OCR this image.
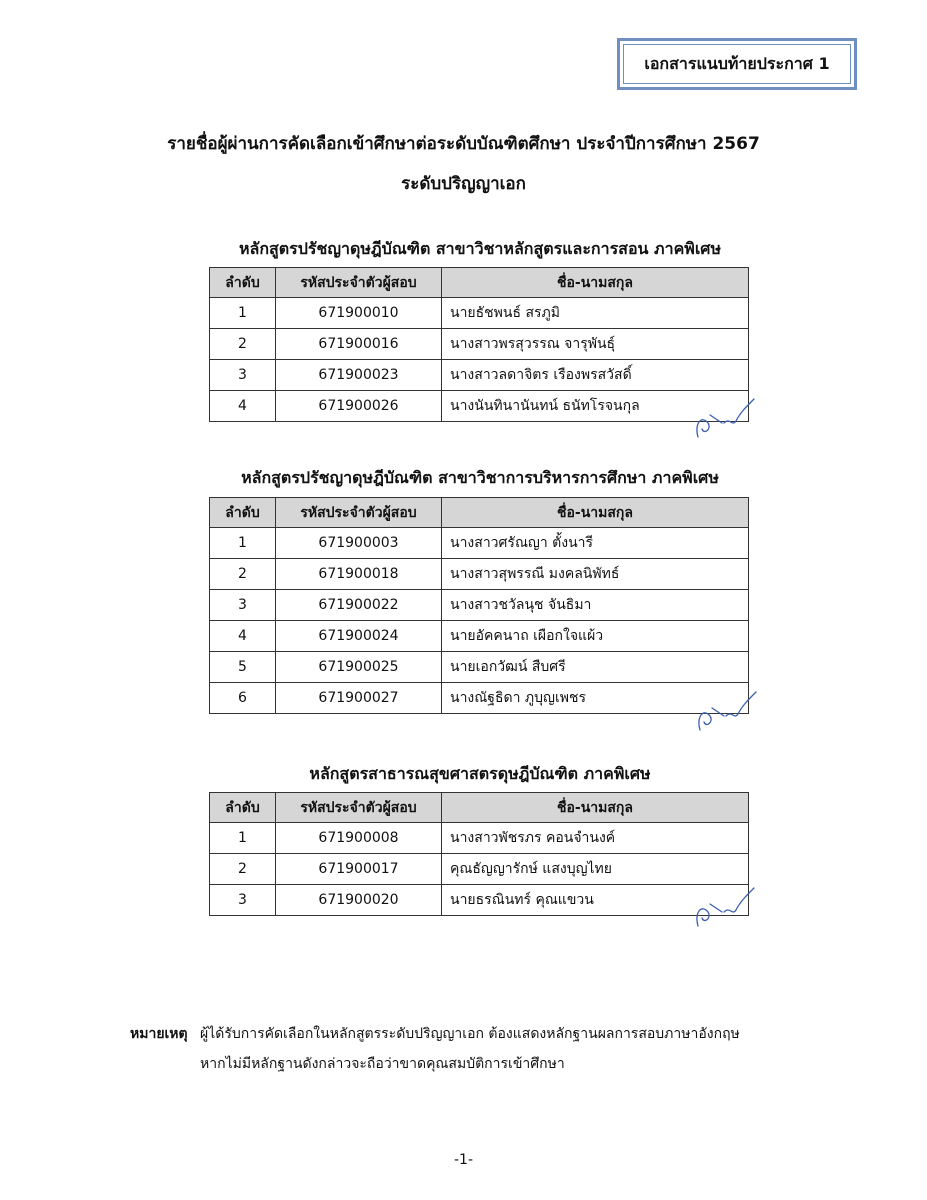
เอกสารแนบท้ายประกาศ 1
รายชื่อผู้ผ่านการคัดเลือกเข้าศึกษาต่อระดับบัณฑิตศึกษา ประจำปีการศึกษา 2567
ระดับปริญญาเอก
หลักสูตรปรัชญาดุษฎีบัณฑิต สาขาวิชาหลักสูตรและการสอน ภาคพิเศษ
ลำดับ	รหัสประจำตัวผู้สอบ	ชื่อ-นามสกุล
1	671900010	นายธัชพนธ์ สรภูมิ
2	671900016	นางสาวพรสุวรรณ จารุพันธุ์
3	671900023	นางสาวลดาจิตร เรืองพรสวัสดิ์
4	671900026	นางนันทินานันทน์ ธนัทโรจนกุล
หลักสูตรปรัชญาดุษฎีบัณฑิต สาขาวิชาการบริหารการศึกษา ภาคพิเศษ
ลำดับ	รหัสประจำตัวผู้สอบ	ชื่อ-นามสกุล
1	671900003	นางสาวศรัณญา ตั้งนารี
2	671900018	นางสาวสุพรรณี มงคลนิพัทธ์
3	671900022	นางสาวชวัลนุช จันธิมา
4	671900024	นายอัคคนาถ เผือกใจแผ้ว
5	671900025	นายเอกวัฒน์ สืบศรี
6	671900027	นางณัฐธิดา ภูบุญเพชร
หลักสูตรสาธารณสุขศาสตรดุษฎีบัณฑิต ภาคพิเศษ
ลำดับ	รหัสประจำตัวผู้สอบ	ชื่อ-นามสกุล
1	671900008	นางสาวพัชรภร คอนจำนงค์
2	671900017	คุณธัญญารักษ์ แสงบุญไทย
3	671900020	นายธรณินทร์ คุณแขวน
หมายเหตุ ผู้ได้รับการคัดเลือกในหลักสูตรระดับปริญญาเอก ต้องแสดงหลักฐานผลการสอบภาษาอังกฤษ
หากไม่มีหลักฐานดังกล่าวจะถือว่าขาดคุณสมบัติการเข้าศึกษา
-1-
